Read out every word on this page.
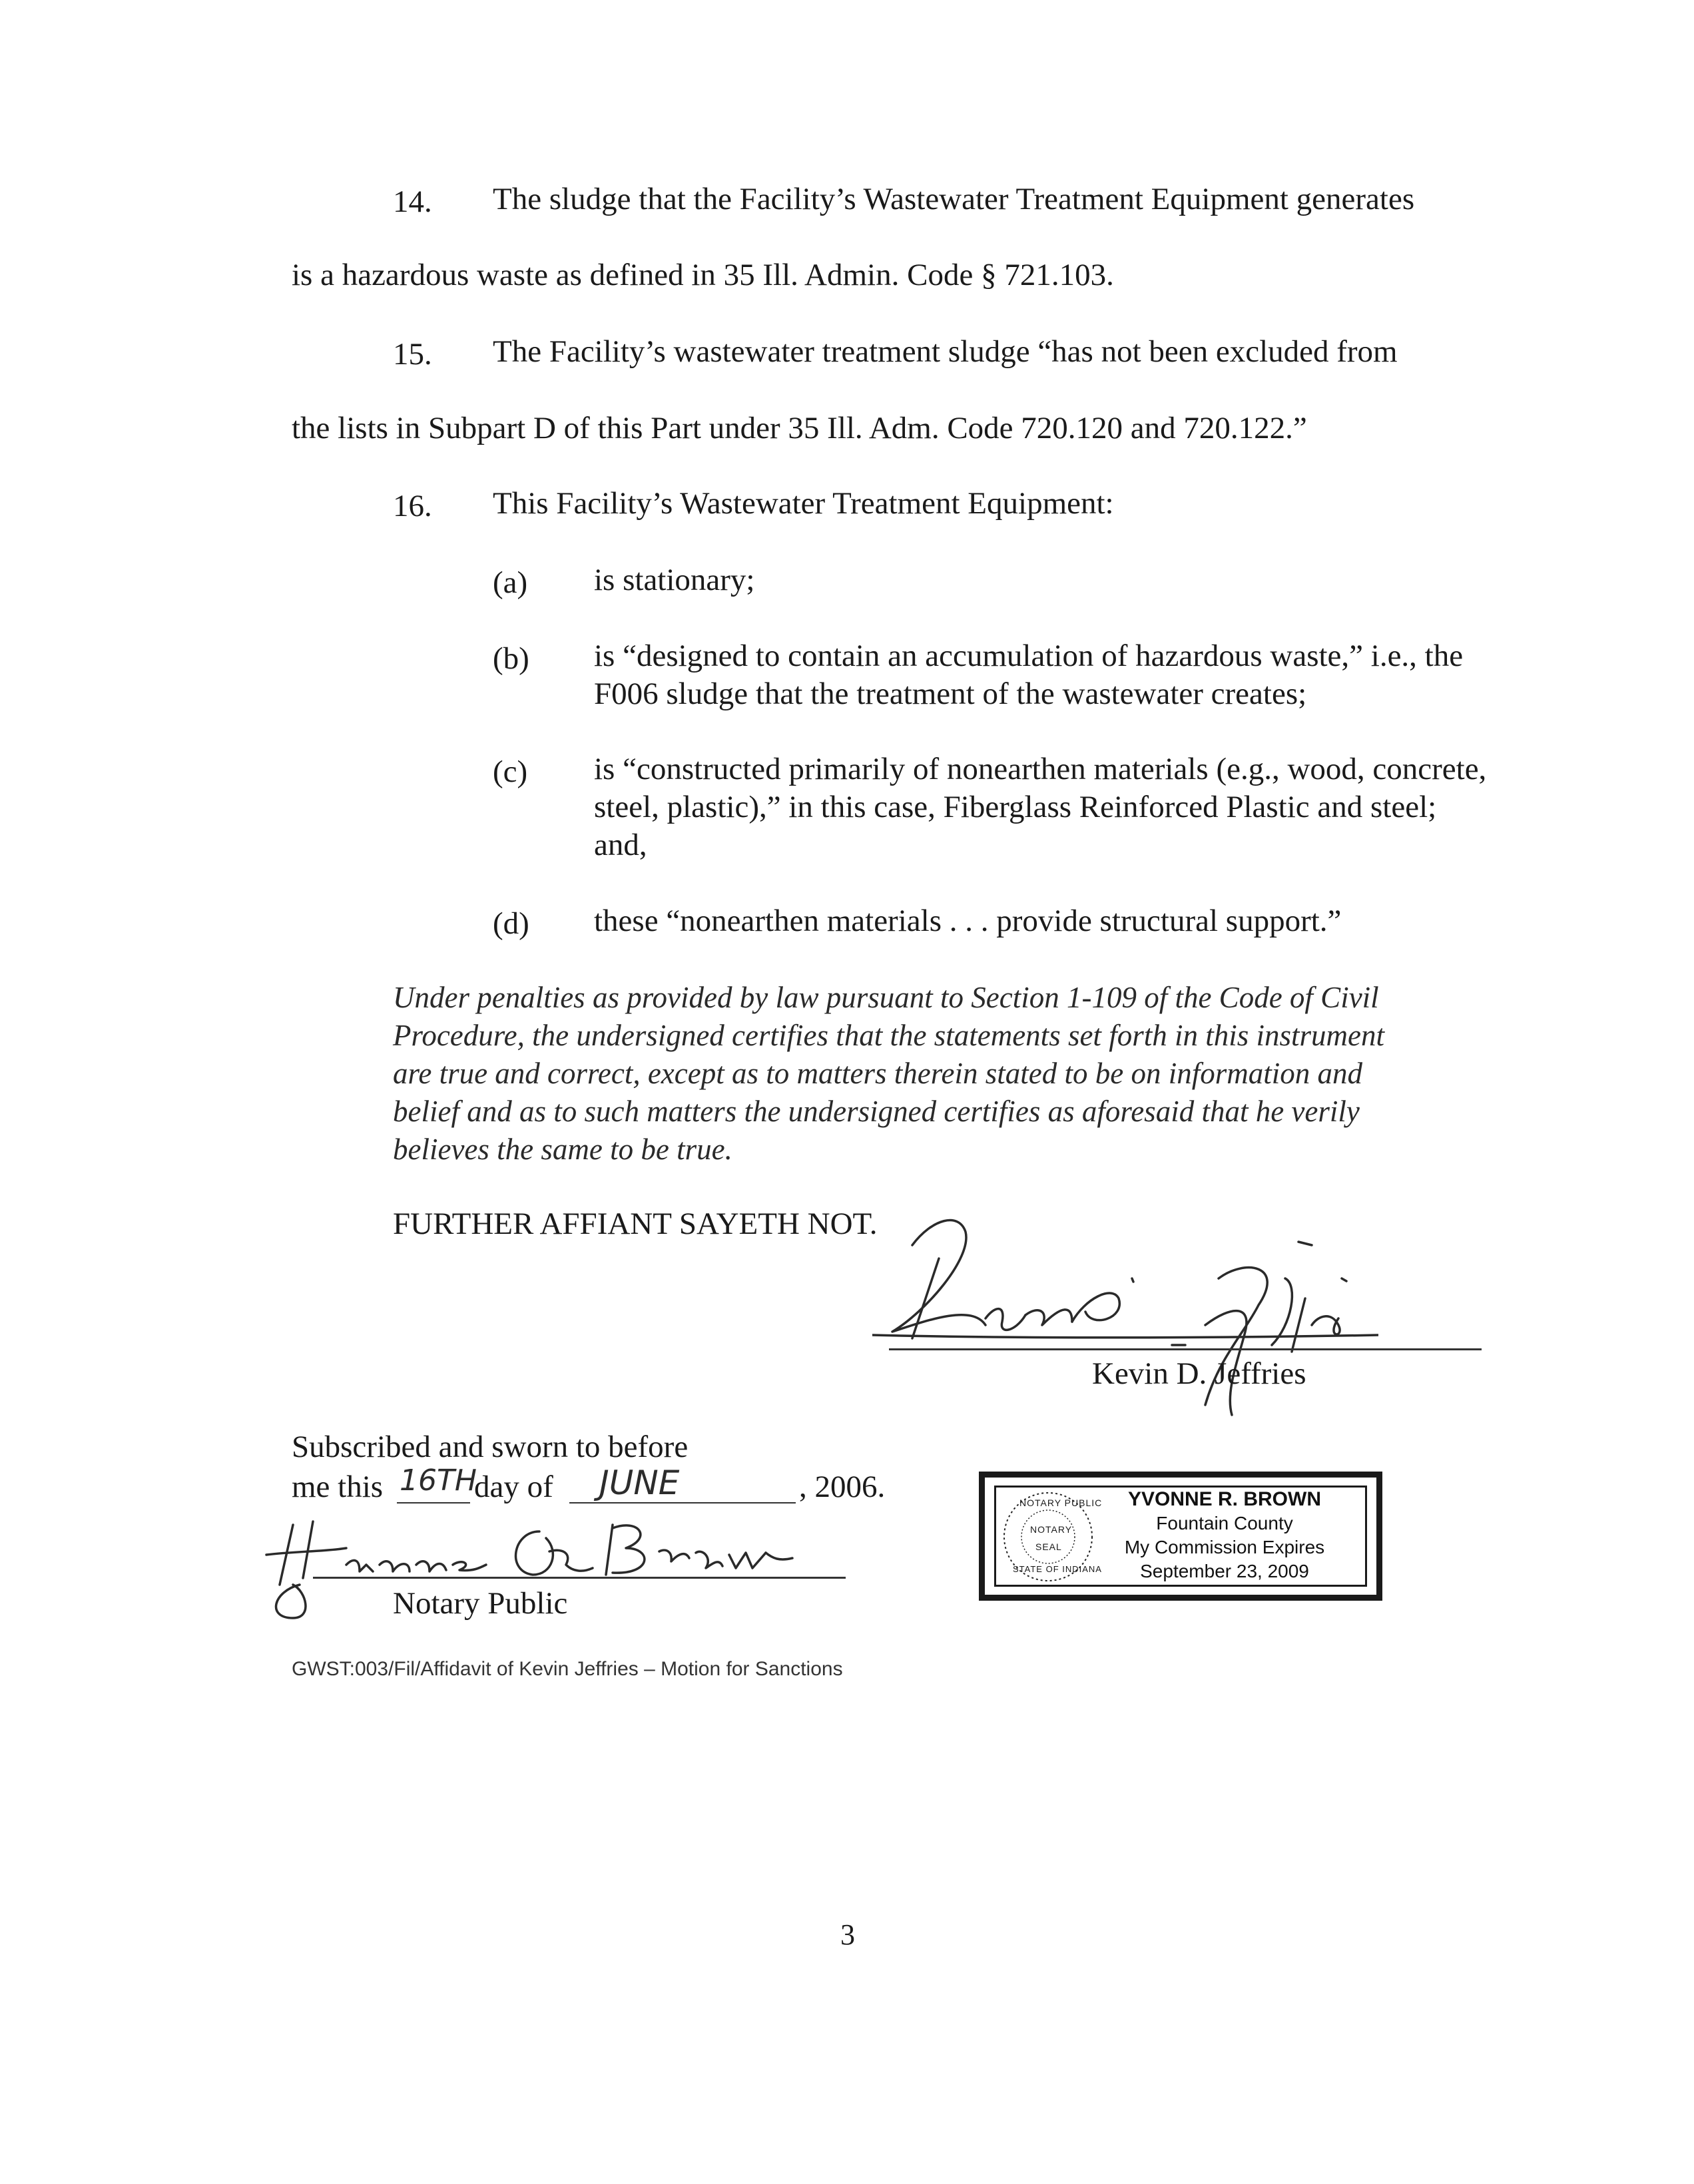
14. The sludge that the Facility’s Wastewater Treatment Equipment generates
is a hazardous waste as defined in 35 Ill. Admin. Code § 721.103.
15. The Facility’s wastewater treatment sludge “has not been excluded from
the lists in Subpart D of this Part under 35 Ill. Adm. Code 720.120 and 720.122.”
16. This Facility’s Wastewater Treatment Equipment:
(a) is stationary;
(b) is “designed to contain an accumulation of hazardous waste,” i.e., the F006 sludge that the treatment of the wastewater creates;
(c) is “constructed primarily of nonearthen materials (e.g., wood, concrete, steel, plastic),” in this case, Fiberglass Reinforced Plastic and steel; and,
(d) these “nonearthen materials . . . provide structural support.”
Under penalties as provided by law pursuant to Section 1-109 of the Code of Civil Procedure, the undersigned certifies that the statements set forth in this instrument are true and correct, except as to matters therein stated to be on information and belief and as to such matters the undersigned certifies as aforesaid that he verily believes the same to be true.
FURTHER AFFIANT SAYETH NOT.
Kevin D. Jeffries
Subscribed and sworn to before
me this 16TH
day of JUNE	, 2006.
Notary Public
NOTARY PUBLIC
NOTARY
SEAL
STATE OF INDIANA
YVONNE R. BROWN
Fountain County
My Commission Expires
September 23, 2009
GWST:003/Fil/Affidavit of Kevin Jeffries – Motion for Sanctions
3
